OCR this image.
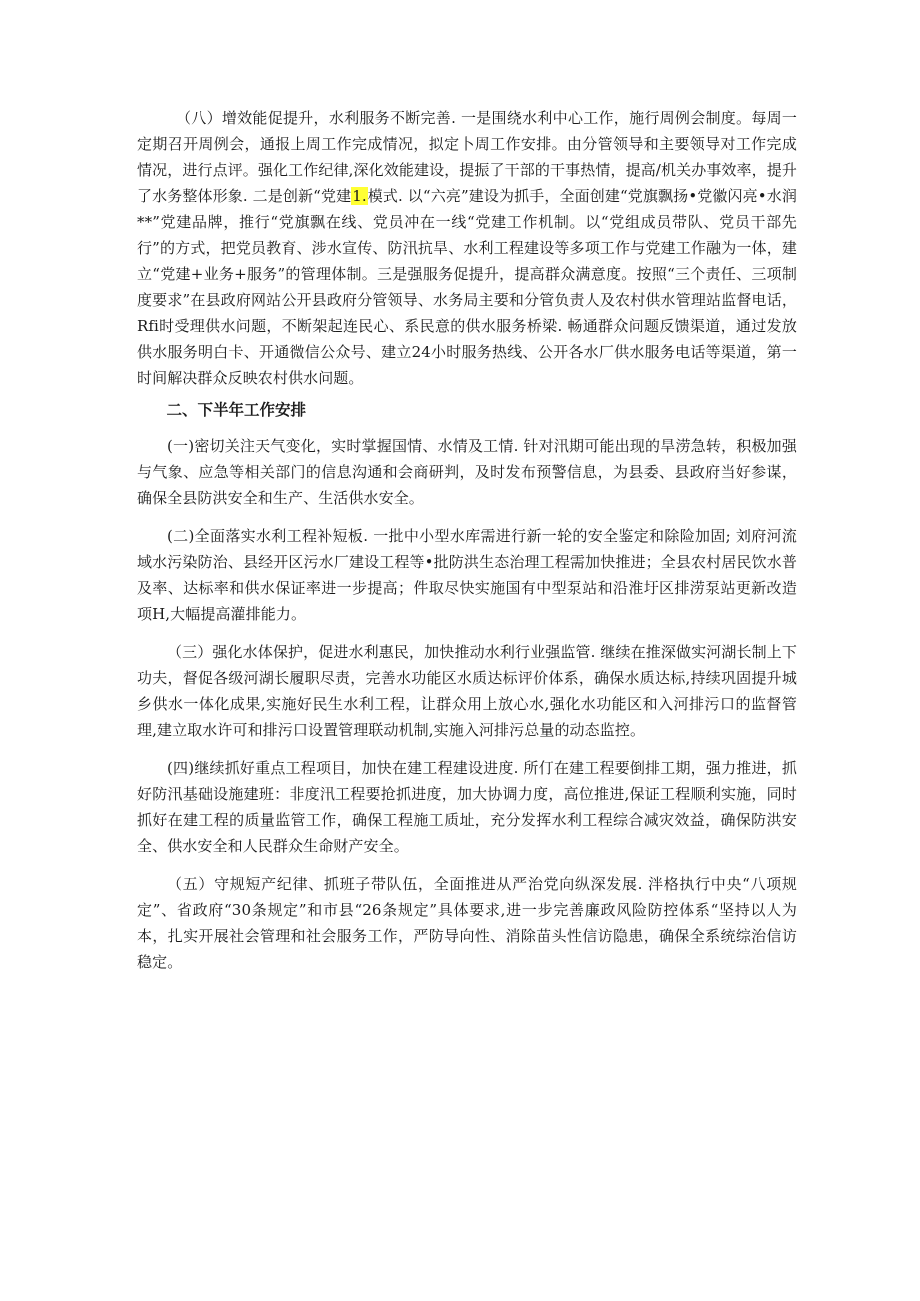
（八）增效能促提升，水利服务不断完善. 一是围绕水利中心工作，施行周例会制度。每周一定期召开周例会，通报上周工作完成情况，拟定卜周工作安排。由分管领导和主要领导对工作完成情况，进行点评。强化工作纪律,深化效能建设，提振了干部的干事热情，提高/机关办事效率，提升了水务整体形象. 二是创新“党建1.模式. 以“六亮”建设为抓手，全面创建“党旗飘扬•党徽闪亮•水润**”党建品牌，推行“党旗飘在线、党员冲在一线“党建工作机制。以“党组成员带队、党员干部先行”的方式，把党员教育、涉水宣传、防汛抗旱、水利工程建设等多项工作与党建工作融为一体，建立“党建+业务+服务”的管理体制。三是强服务促提升，提高群众满意度。按照“三个责任、三项制度要求”在县政府网站公开县政府分管领导、水务局主要和分管负责人及农村供水管理站监督电话，Rfi时受理供水问题，不断架起连民心、系民意的供水服务桥梁. 畅通群众问题反馈渠道，通过发放供水服务明白卡、开通微信公众号、建立24小时服务热线、公开各水厂供水服务电话等渠道，第一时间解决群众反映农村供水问题。

二、下半年工作安排

(一)密切关注天气变化，实时掌握国情、水情及工情. 针对汛期可能出现的旱涝急转，积极加强与气象、应急等相关部门的信息沟通和会商研判，及时发布预警信息，为县委、县政府当好参谋，确保全县防洪安全和生产、生活供水安全。

(二)全面落实水利工程补短板. 一批中小型水库需进行新一轮的安全鉴定和除险加固; 刘府河流域水污染防治、县经开区污水厂建设工程等•批防洪生态治理工程需加快推进；全县农村居民饮水普及率、达标率和供水保证率进一步提高；件取尽快实施国有中型泵站和沿淮圩区排涝泵站更新改造项H,大幅提高灌排能力。

（三）强化水体保护，促进水利惠民，加快推动水利行业强监管. 继续在推深做实河湖长制上下功夫，督促各级河湖长履职尽责，完善水功能区水质达标评价体系，确保水质达标,持续巩固提升城乡供水一体化成果,实施好民生水利工程，让群众用上放心水,强化水功能区和入河排污口的监督管理,建立取水许可和排污口设置管理联动机制,实施入河排污总量的动态监控。

(四)继续抓好重点工程项目，加快在建工程建设进度. 所仃在建工程要倒排工期，强力推进，抓好防汛基础设施建班：非度汛工程要抢抓进度，加大协调力度，高位推进,保证工程顺利实施，同时抓好在建工程的质量监管工作，确保工程施工质址，充分发挥水利工程综合减灾效益，确保防洪安全、供水安全和人民群众生命财产安全。

（五）守规短产纪律、抓班子带队伍，全面推进从严治党向纵深发展. 泮格执行中央“八项规定”、省政府“30条规定”和市县“26条规定”具体要求,进一步完善廉政风险防控体系“坚持以人为本，扎实开展社会管理和社会服务工作，严防导向性、消除苗头性信访隐患，确保全系统综治信访稳定。
